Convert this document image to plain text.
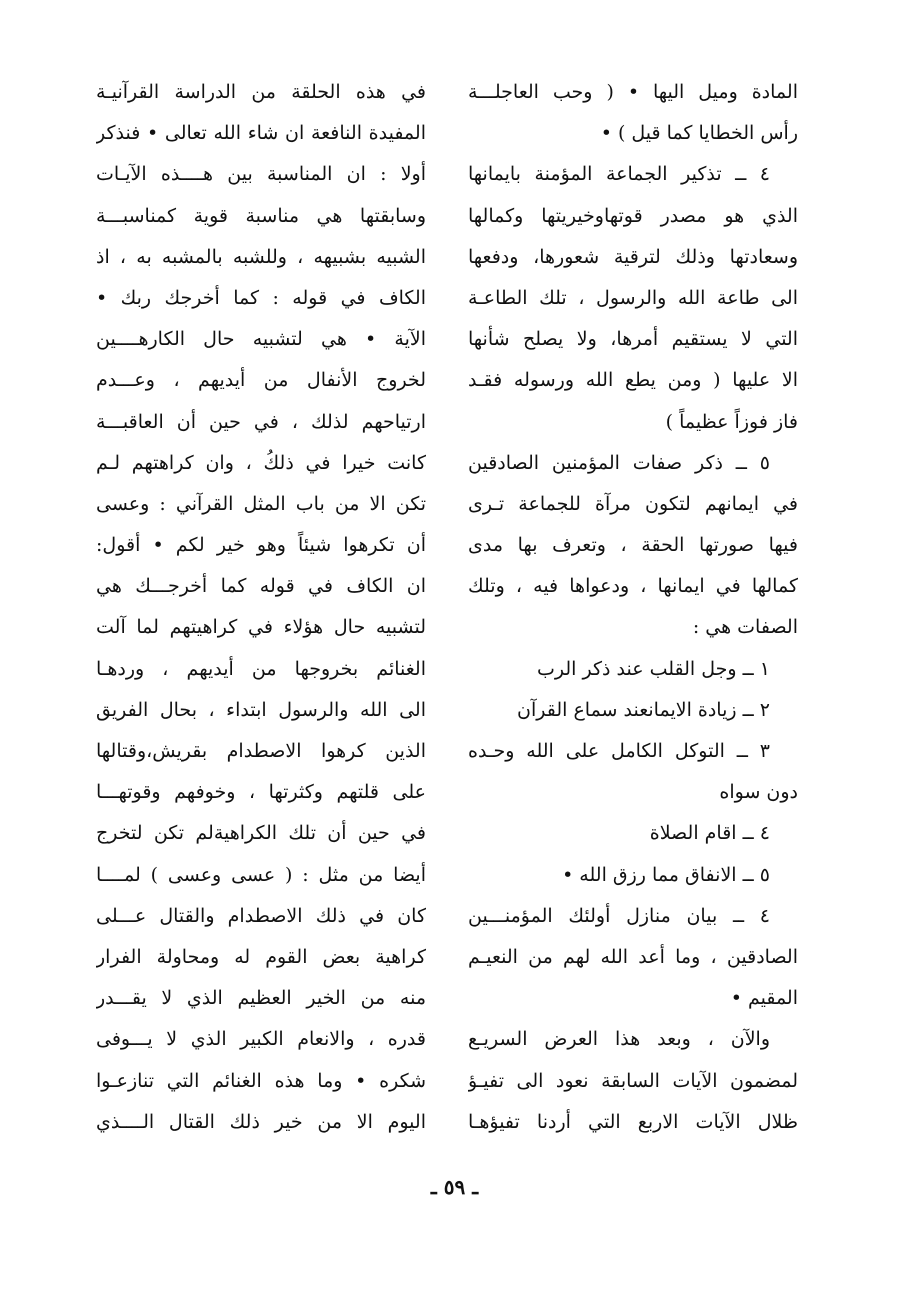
المادة وميل اليها • ( وحب العاجلـــة
رأس الخطايا كما قيل ) •
٤ ــ تذكير الجماعة المؤمنة بايمانها
الذي هو مصدر قوتهاوخيريتها وكمالها
وسعادتها وذلك لترقية شعورها، ودفعها
الى طاعة الله والرسول ، تلك الطاعـة
التي لا يستقيم أمرها، ولا يصلح شأنها
الا عليها ( ومن يطع الله ورسوله فقـد
فاز فوزاً عظيماً )
٥ ــ ذكر صفات المؤمنين الصادقين
في ايمانهم لتكون مرآة للجماعة تـرى
فيها صورتها الحقة ، وتعرف بها مدى
كمالها في ايمانها ، ودعواها فيه ، وتلك
الصفات هي :
١ ــ وجل القلب عند ذكر الرب
٢ ــ زيادة الايمانعند سماع القرآن
٣ ــ التوكل الكامل على الله وحـده
دون سواه
٤ ــ اقام الصلاة
٥ ــ الانفاق مما رزق الله •
٤ ــ بيان منازل أولئك المؤمنـــين
الصادقين ، وما أعد الله لهم من النعيـم
المقيم •
والآن ، وبعد هذا العرض السريـع
لمضمون الآيات السابقة نعود الى تفيـؤ
ظلال الآيات الاربع التي أردنا تفيؤهـا
في هذه الحلقة من الدراسة القرآنيـة
المفيدة النافعة ان شاء الله تعالى • فنذكر
أولا : ان المناسبة بين هــــذه الآيـات
وسابقتها هي مناسبة قوية كمناسبـــة
الشبيه بشبيهه ، وللشبه بالمشبه به ، اذ
الكاف في قوله : كما أخرجك ربك •
الآية • هي لتشبيه حال الكارهــــين
لخروج الأنفال من أيديهم ، وعـــدم
ارتياحهم لذلك ، في حين أن العاقبـــة
كانت خيرا في ذلكُ ، وان كراهتهم لـم
تكن الا من باب المثل القرآني : وعسى
أن تكرهوا شيئاً وهو خير لكم • أقول:
ان الكاف في قوله كما أخرجـــك هي
لتشبيه حال هؤلاء في كراهيتهم لما آلت
الغنائم بخروجها من أيديهم ، وردهـا
الى الله والرسول ابتداء ، بحال الفريق
الذين كرهوا الاصطدام بقريش،وقتالها
على قلتهم وكثرتها ، وخوفهم وقوتهـــا
في حين أن تلك الكراهيةلم تكن لتخرج
أيضا من مثل : ( عسى وعسى ) لمــــا
كان في ذلك الاصطدام والقتال عـــلى
كراهية بعض القوم له ومحاولة الفرار
منه من الخير العظيم الذي لا يقـــدر
قدره ، والانعام الكبير الذي لا يـــوفى
شكره • وما هذه الغنائم التي تنازعـوا
اليوم الا من خير ذلك القتال الــــذي
ـ ٥٩ ـ
